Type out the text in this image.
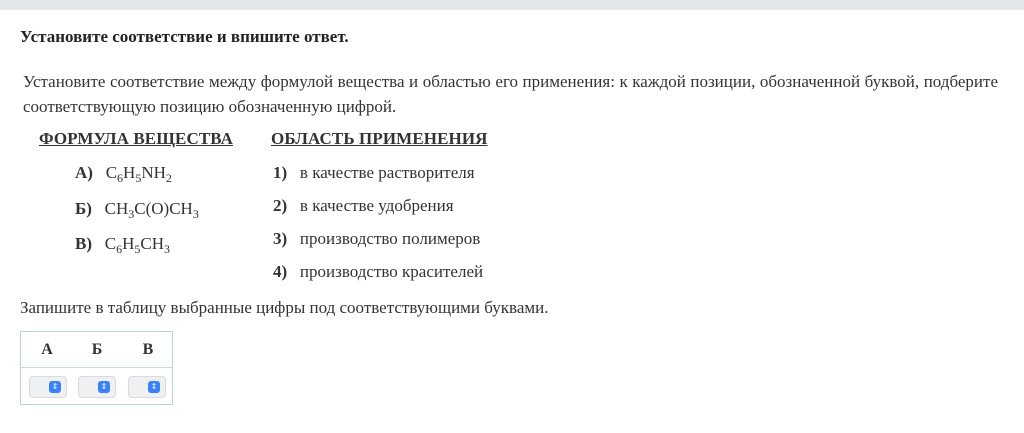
Установите соответствие и впишите ответ.
Установите соответствие между формулой вещества и областью его применения: к каждой позиции, обозначенной буквой, подберите соответствующую позицию обозначенную цифрой.
ФОРМУЛА ВЕЩЕСТВА ОБЛАСТЬ ПРИМЕНЕНИЯ
А) $C_6H_5NH_2$
Б) $CH_3C(O)CH_3$
В) $C_6H_5CH_3$
1) в качестве растворителя
2) в качестве удобрения
3) производство полимеров
4) производство красителей
Запишите в таблицу выбранные цифры под соответствующими буквами.
А Б	В
⇕	⇕	⇕
